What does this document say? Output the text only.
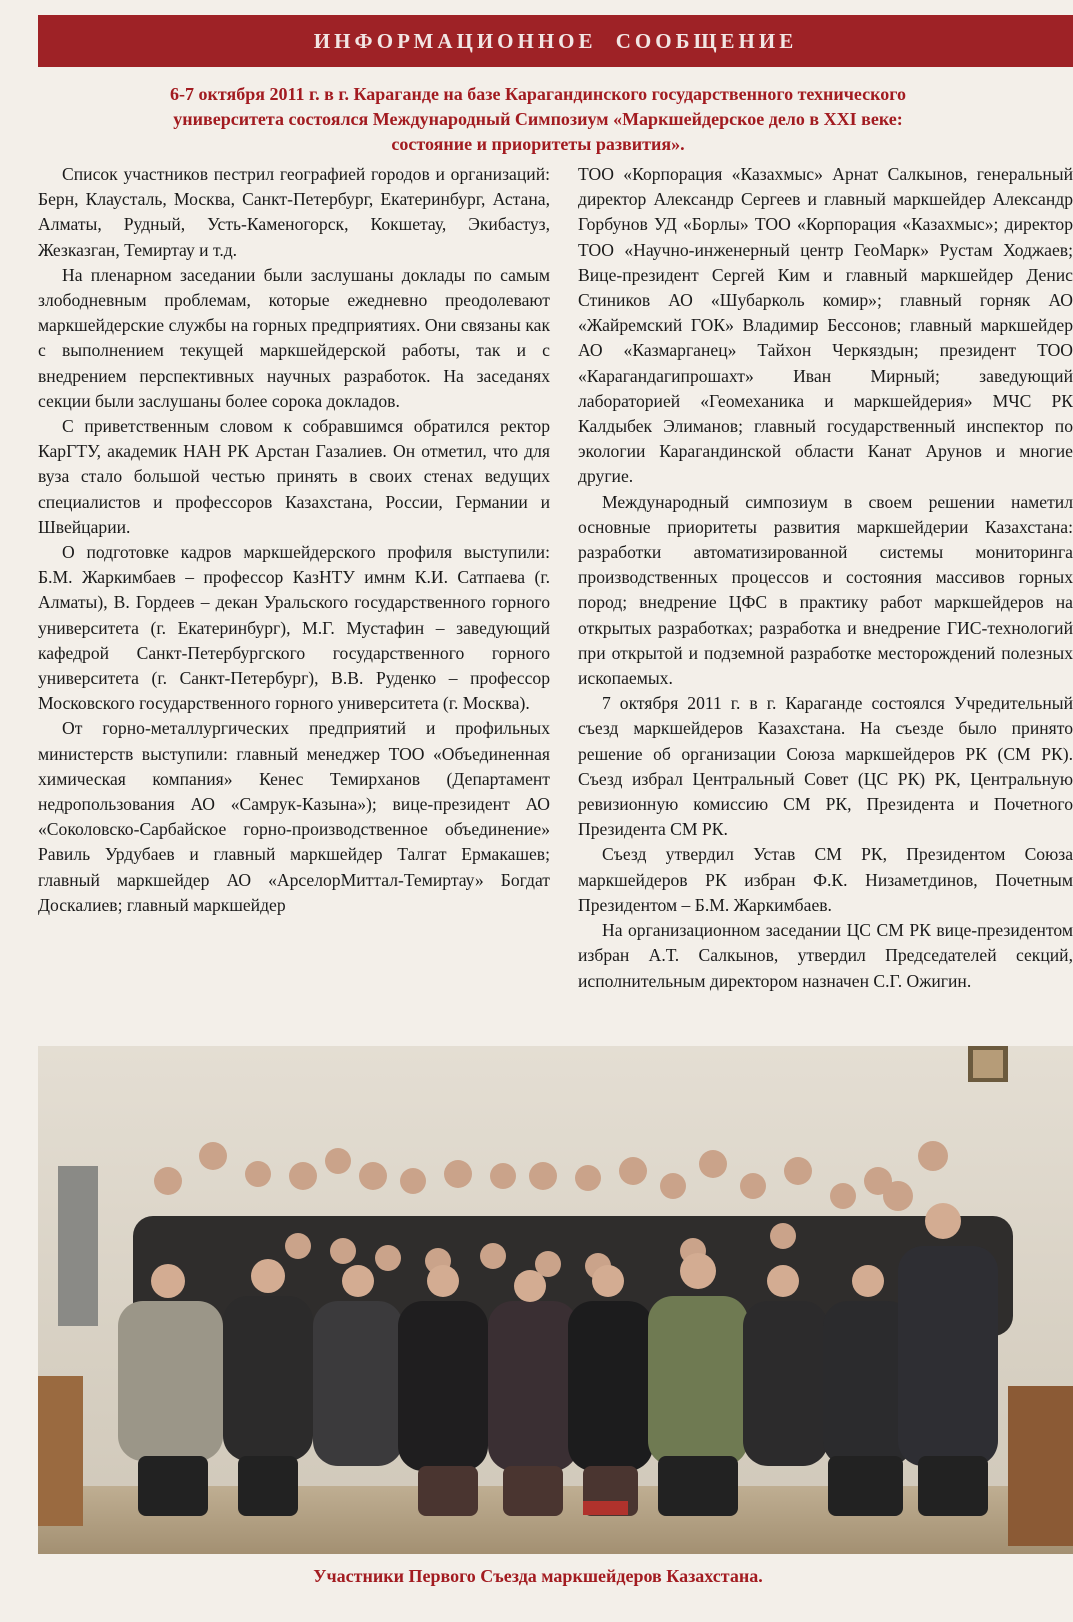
ИНФОРМАЦИОННОЕ СООБЩЕНИЕ
6-7 октября 2011 г. в г. Караганде на базе Карагандинского государственного технического
университета состоялся Международный Симпозиум «Маркшейдерское дело в XXI веке:
состояние и приоритеты развития».

Список участников пестрил географией городов и организаций: Берн, Клаусталь, Москва, Санкт-Петербург, Екатеринбург, Астана, Алматы, Рудный, Усть-Каменогорск, Кокшетау, Экибастуз, Жезказган, Темиртау и т.д.

На пленарном заседании были заслушаны доклады по самым злободневным проблемам, которые ежедневно преодолевают маркшейдерские службы на горных предприятиях. Они связаны как с выполнением текущей маркшейдерской работы, так и с внедрением перспективных научных разработок. На заседанях секции были заслушаны более сорока докладов.

С приветственным словом к собравшимся обратился ректор КарГТУ, академик НАН РК Арстан Газалиев. Он отметил, что для вуза стало большой честью принять в своих стенах ведущих специалистов и профессоров Казахстана, России, Германии и Швейцарии.

О подготовке кадров маркшейдерского профиля выступили: Б.М. Жаркимбаев – профессор КазНТУ имнм К.И. Сатпаева (г. Алматы), В. Гордеев – декан Уральского государственного горного университета (г. Екатеринбург), М.Г. Мустафин – заведующий кафедрой Санкт-Петербургского государственного горного университета (г. Санкт-Петербург), В.В. Руденко – профессор Московского государственного горного университета (г. Москва).

От горно-металлургических предприятий и профильных министерств выступили: главный менеджер ТОО «Объединенная химическая компания» Кенес Темирханов (Департамент недропользования АО «Самрук-Казына»); вице-президент АО «Соколовско-Сарбайское горно-производственное объединение» Равиль Урдубаев и главный маркшейдер Талгат Ермакашев; главный маркшейдер АО «АрселорМиттал-Темиртау» Богдат Доскалиев; главный маркшейдер

ТОО «Корпорация «Казахмыс» Арнат Салкынов, генеральный директор Александр Сергеев и главный маркшейдер Александр Горбунов УД «Борлы» ТОО «Корпорация «Казахмыс»; директор ТОО «Научно-инженерный центр ГеоМарк» Рустам Ходжаев; Вице-президент Сергей Ким и главный маркшейдер Денис Стиников АО «Шубарколь комир»; главный горняк АО «Жайремский ГОК» Владимир Бессонов; главный маркшейдер АО «Казмарганец» Тайхон Черкяздын; президент ТОО «Карагандагипрошахт» Иван Мирный; заведующий лабораторией «Геомеханика и маркшейдерия» МЧС РК Калдыбек Элиманов; главный государственный инспектор по экологии Карагандинской области Канат Арунов и многие другие.

Международный симпозиум в своем решении наметил основные приоритеты развития маркшейдерии Казахстана: разработки автоматизированной системы мониторинга производственных процессов и состояния массивов горных пород; внедрение ЦФС в практику работ маркшейдеров на открытых разработках; разработка и внедрение ГИС-технологий при открытой и подземной разработке месторождений полезных ископаемых.

7 октября 2011 г. в г. Караганде состоялся Учредительный съезд маркшейдеров Казахстана. На съезде было принято решение об организации Союза маркшейдеров РК (СМ РК). Съезд избрал Центральный Совет (ЦС РК) РК, Центральную ревизионную комиссию СМ РК, Президента и Почетного Президента СМ РК.

Съезд утвердил Устав СМ РК, Президентом Союза маркшейдеров РК избран Ф.К. Низаметдинов, Почетным Президентом – Б.М. Жаркимбаев.

На организационном заседании ЦС СМ РК вице-президентом избран А.Т. Салкынов, утвердил Председателей секций, исполнительным директором назначен С.Г. Ожигин.

Участники Первого Съезда маркшейдеров Казахстана.
